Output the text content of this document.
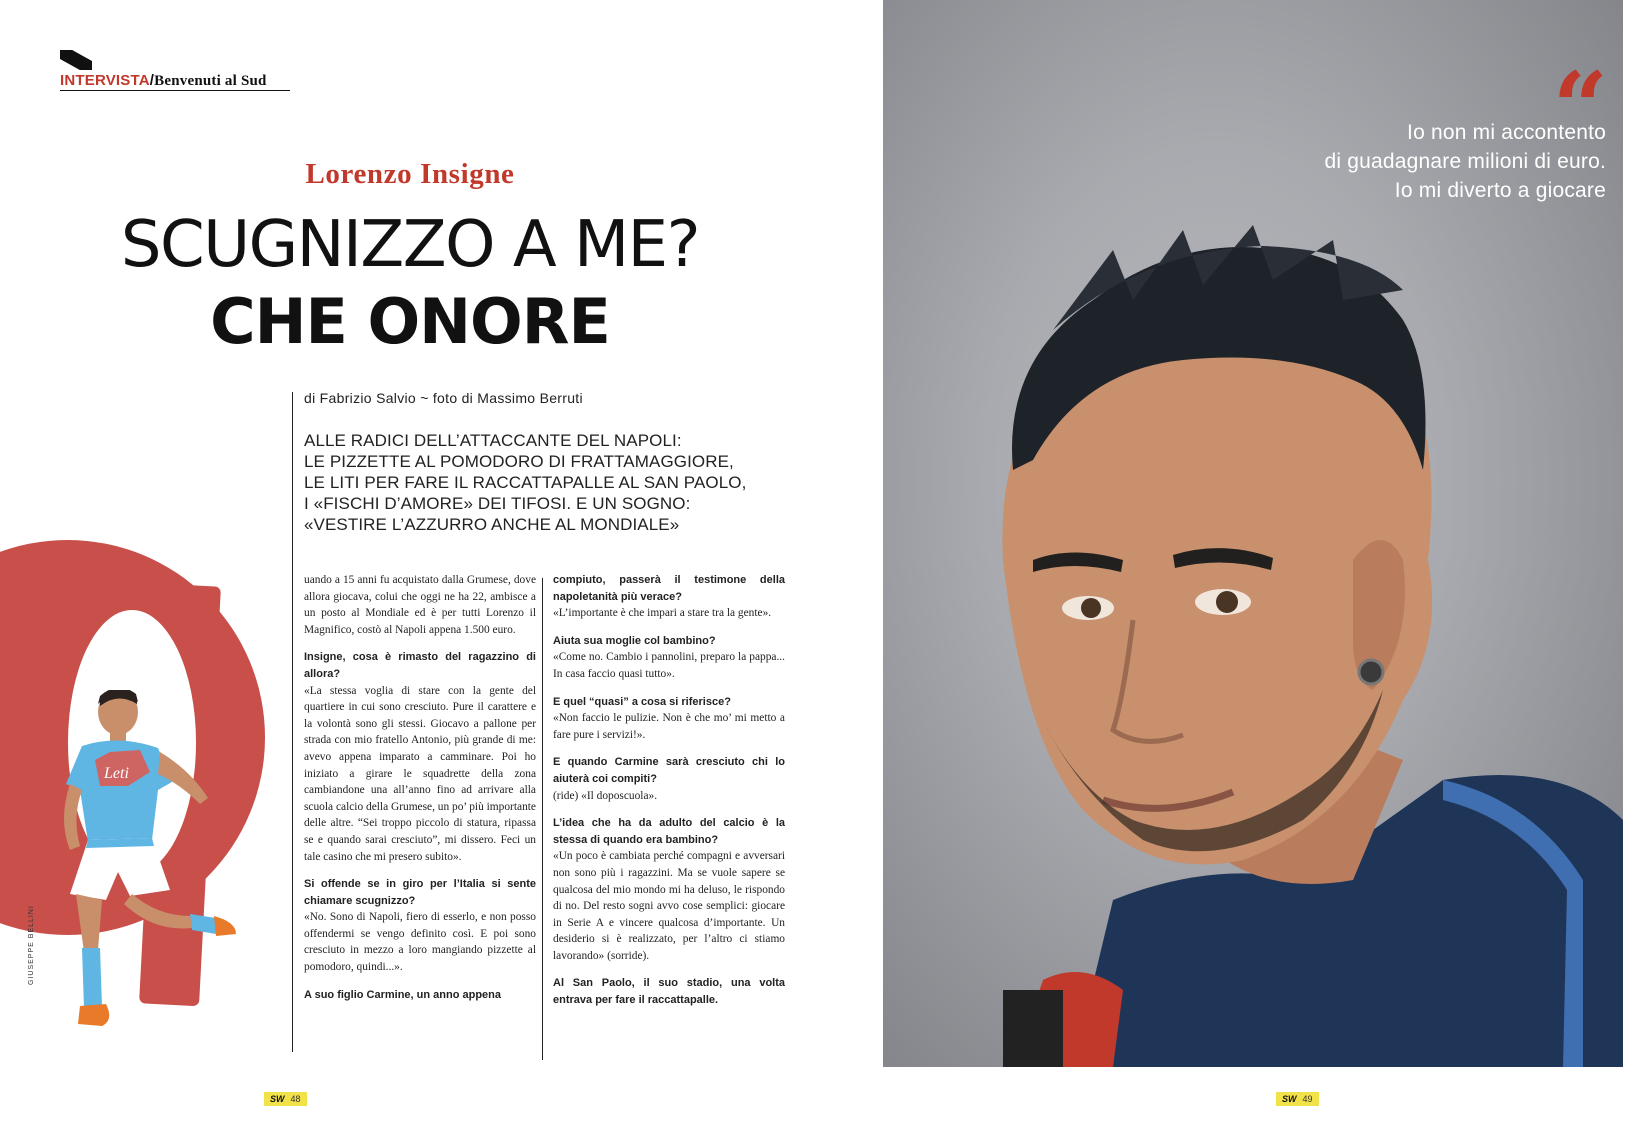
INTERVISTA/Benvenuti al Sud
Lorenzo Insigne
SCUGNIZZO A ME?
CHE ONORE
di Fabrizio Salvio ~ foto di Massimo Berruti
ALLE RADICI DELL’ATTACCANTE DEL NAPOLI:
LE PIZZETTE AL POMODORO DI FRATTAMAGGIORE,
LE LITI PER FARE IL RACCATTAPALLE AL SAN PAOLO,
I «FISCHI D’AMORE» DEI TIFOSI. E UN SOGNO:
«VESTIRE L’AZZURRO ANCHE AL MONDIALE»
Leti
GIUSEPPE BELLINI

uando a 15 anni fu acquistato dalla Grumese, dove allora giocava, colui che oggi ne ha 22, ambisce a un posto al Mondiale ed è per tutti Lorenzo il Magnifico, costò al Napoli appena 1.500 euro.

Insigne, cosa è rimasto del ragazzino di allora?

«La stessa voglia di stare con la gente del quartiere in cui sono cresciuto. Pure il carattere e la volontà sono gli stessi. Giocavo a pallone per strada con mio fratello Antonio, più grande di me: avevo appena imparato a camminare. Poi ho iniziato a girare le squadrette della zona cambiandone una all’anno fino ad arrivare alla scuola calcio della Grumese, un po’ più importante delle altre. “Sei troppo piccolo di statura, ripassa se e quando sarai cresciuto”, mi dissero. Feci un tale casino che mi presero subito».

Si offende se in giro per l’Italia si sente chiamare scugnizzo?

«No. Sono di Napoli, fiero di esserlo, e non posso offendermi se vengo definito così. E poi sono cresciuto in mezzo a loro mangiando pizzette al pomodoro, quindi...».

A suo figlio Carmine, un anno appena

compiuto, passerà il testimone della napoletanità più verace?

«L’importante è che impari a stare tra la gente».

Aiuta sua moglie col bambino?

«Come no. Cambio i pannolini, preparo la pappa... In casa faccio quasi tutto».

E quel “quasi” a cosa si riferisce?

«Non faccio le pulizie. Non è che mo’ mi metto a fare pure i servizi!».

E quando Carmine sarà cresciuto chi lo aiuterà coi compiti?

(ride) «Il doposcuola».

L’idea che ha da adulto del calcio è la stessa di quando era bambino?

«Un poco è cambiata perché compagni e avversari non sono più i ragazzini. Ma se vuole sapere se qualcosa del mio mondo mi ha deluso, le rispondo di no. Del resto sogni avvo cose semplici: giocare in Serie A e vincere qualcosa d’importante. Un desiderio si è realizzato, per l’altro ci stiamo lavorando» (sorride).

Al San Paolo, il suo stadio, una volta entrava per fare il raccattapalle.

SW 48
“
Io non mi accontento
di guadagnare milioni di euro.
Io mi diverto a giocare
SW 49
